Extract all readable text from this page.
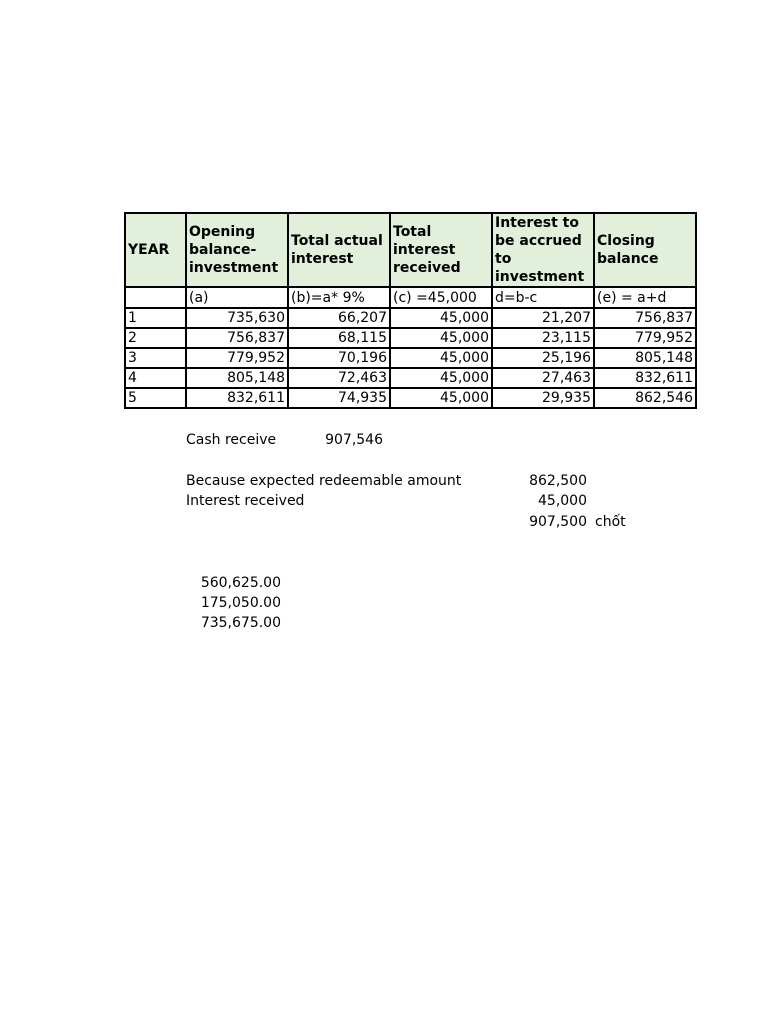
YEAR	Opening balance- investment	Total actual interest	Total interest received	Interest to be accrued to investment	Closing balance
	(a)	(b)=a* 9%	(c) =45,000	d=b-c	(e) = a+d
1	735,630	66,207	45,000	21,207	756,837
2	756,837	68,115	45,000	23,115	779,952
3	779,952	70,196	45,000	25,196	805,148
4	805,148	72,463	45,000	27,463	832,611
5	832,611	74,935	45,000	29,935	862,546
Cash receive	907,546
Because expected redeemable amount	862,500
Interest received	45,000
907,500 chốt
560,625.00
175,050.00
735,675.00
